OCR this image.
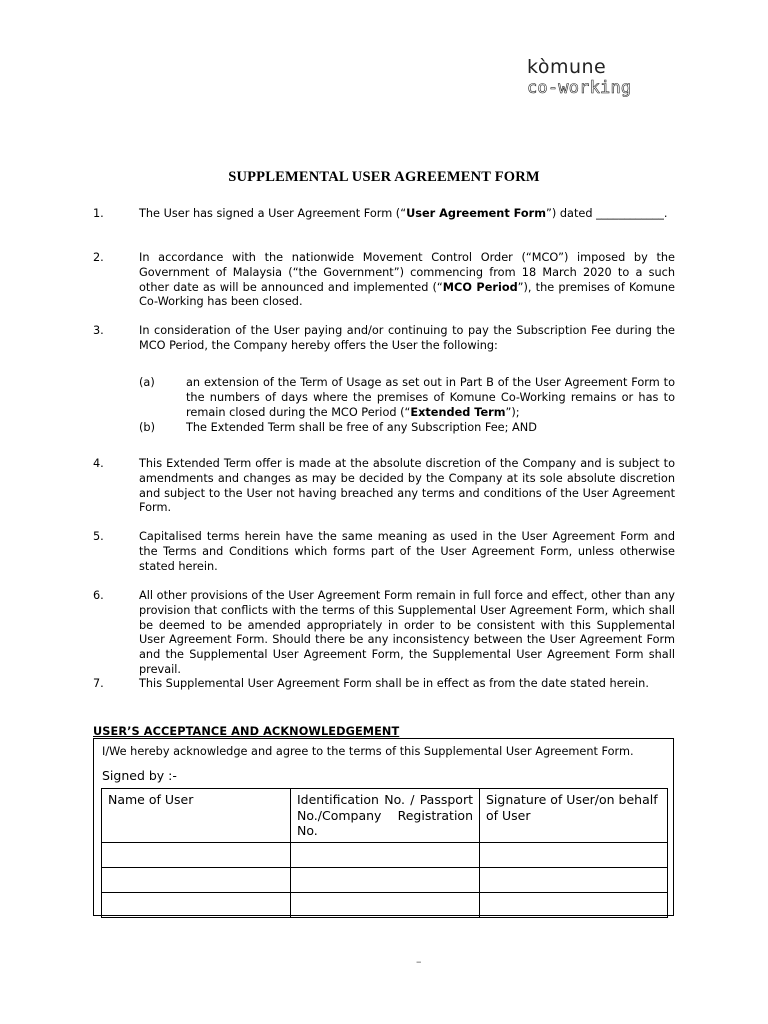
kòmune
co-working
SUPPLEMENTAL USER AGREEMENT FORM
1.	The User has signed a User Agreement Form (“User Agreement Form”) dated ____________.
2.	In accordance with the nationwide Movement Control Order (“MCO”) imposed by the Government of Malaysia (“the Government”) commencing from 18 March 2020 to a such other date as will be announced and implemented (“MCO Period”), the premises of Komune Co-Working has been closed.
3.	In consideration of the User paying and/or continuing to pay the Subscription Fee during the MCO Period, the Company hereby offers the User the following:
(a)	an extension of the Term of Usage as set out in Part B of the User Agreement Form to the numbers of days where the premises of Komune Co-Working remains or has to remain closed during the MCO Period (“Extended Term”);
(b)	The Extended Term shall be free of any Subscription Fee; AND
4.	This Extended Term offer is made at the absolute discretion of the Company and is subject to amendments and changes as may be decided by the Company at its sole absolute discretion and subject to the User not having breached any terms and conditions of the User Agreement Form.
5.	Capitalised terms herein have the same meaning as used in the User Agreement Form and the Terms and Conditions which forms part of the User Agreement Form, unless otherwise stated herein.
6.	All other provisions of the User Agreement Form remain in full force and effect, other than any provision that conflicts with the terms of this Supplemental User Agreement Form, which shall be deemed to be amended appropriately in order to be consistent with this Supplemental User Agreement Form. Should there be any inconsistency between the User Agreement Form and the Supplemental User Agreement Form, the Supplemental User Agreement Form shall prevail.
7.	This Supplemental User Agreement Form shall be in effect as from the date stated herein.
USER’S ACCEPTANCE AND ACKNOWLEDGEMENT
I/We hereby acknowledge and agree to the terms of this Supplemental User Agreement Form.
Signed by :-
Name of User	Identification No. / Passport No./Company Registration No.	Signature of User/on behalf of User

–
